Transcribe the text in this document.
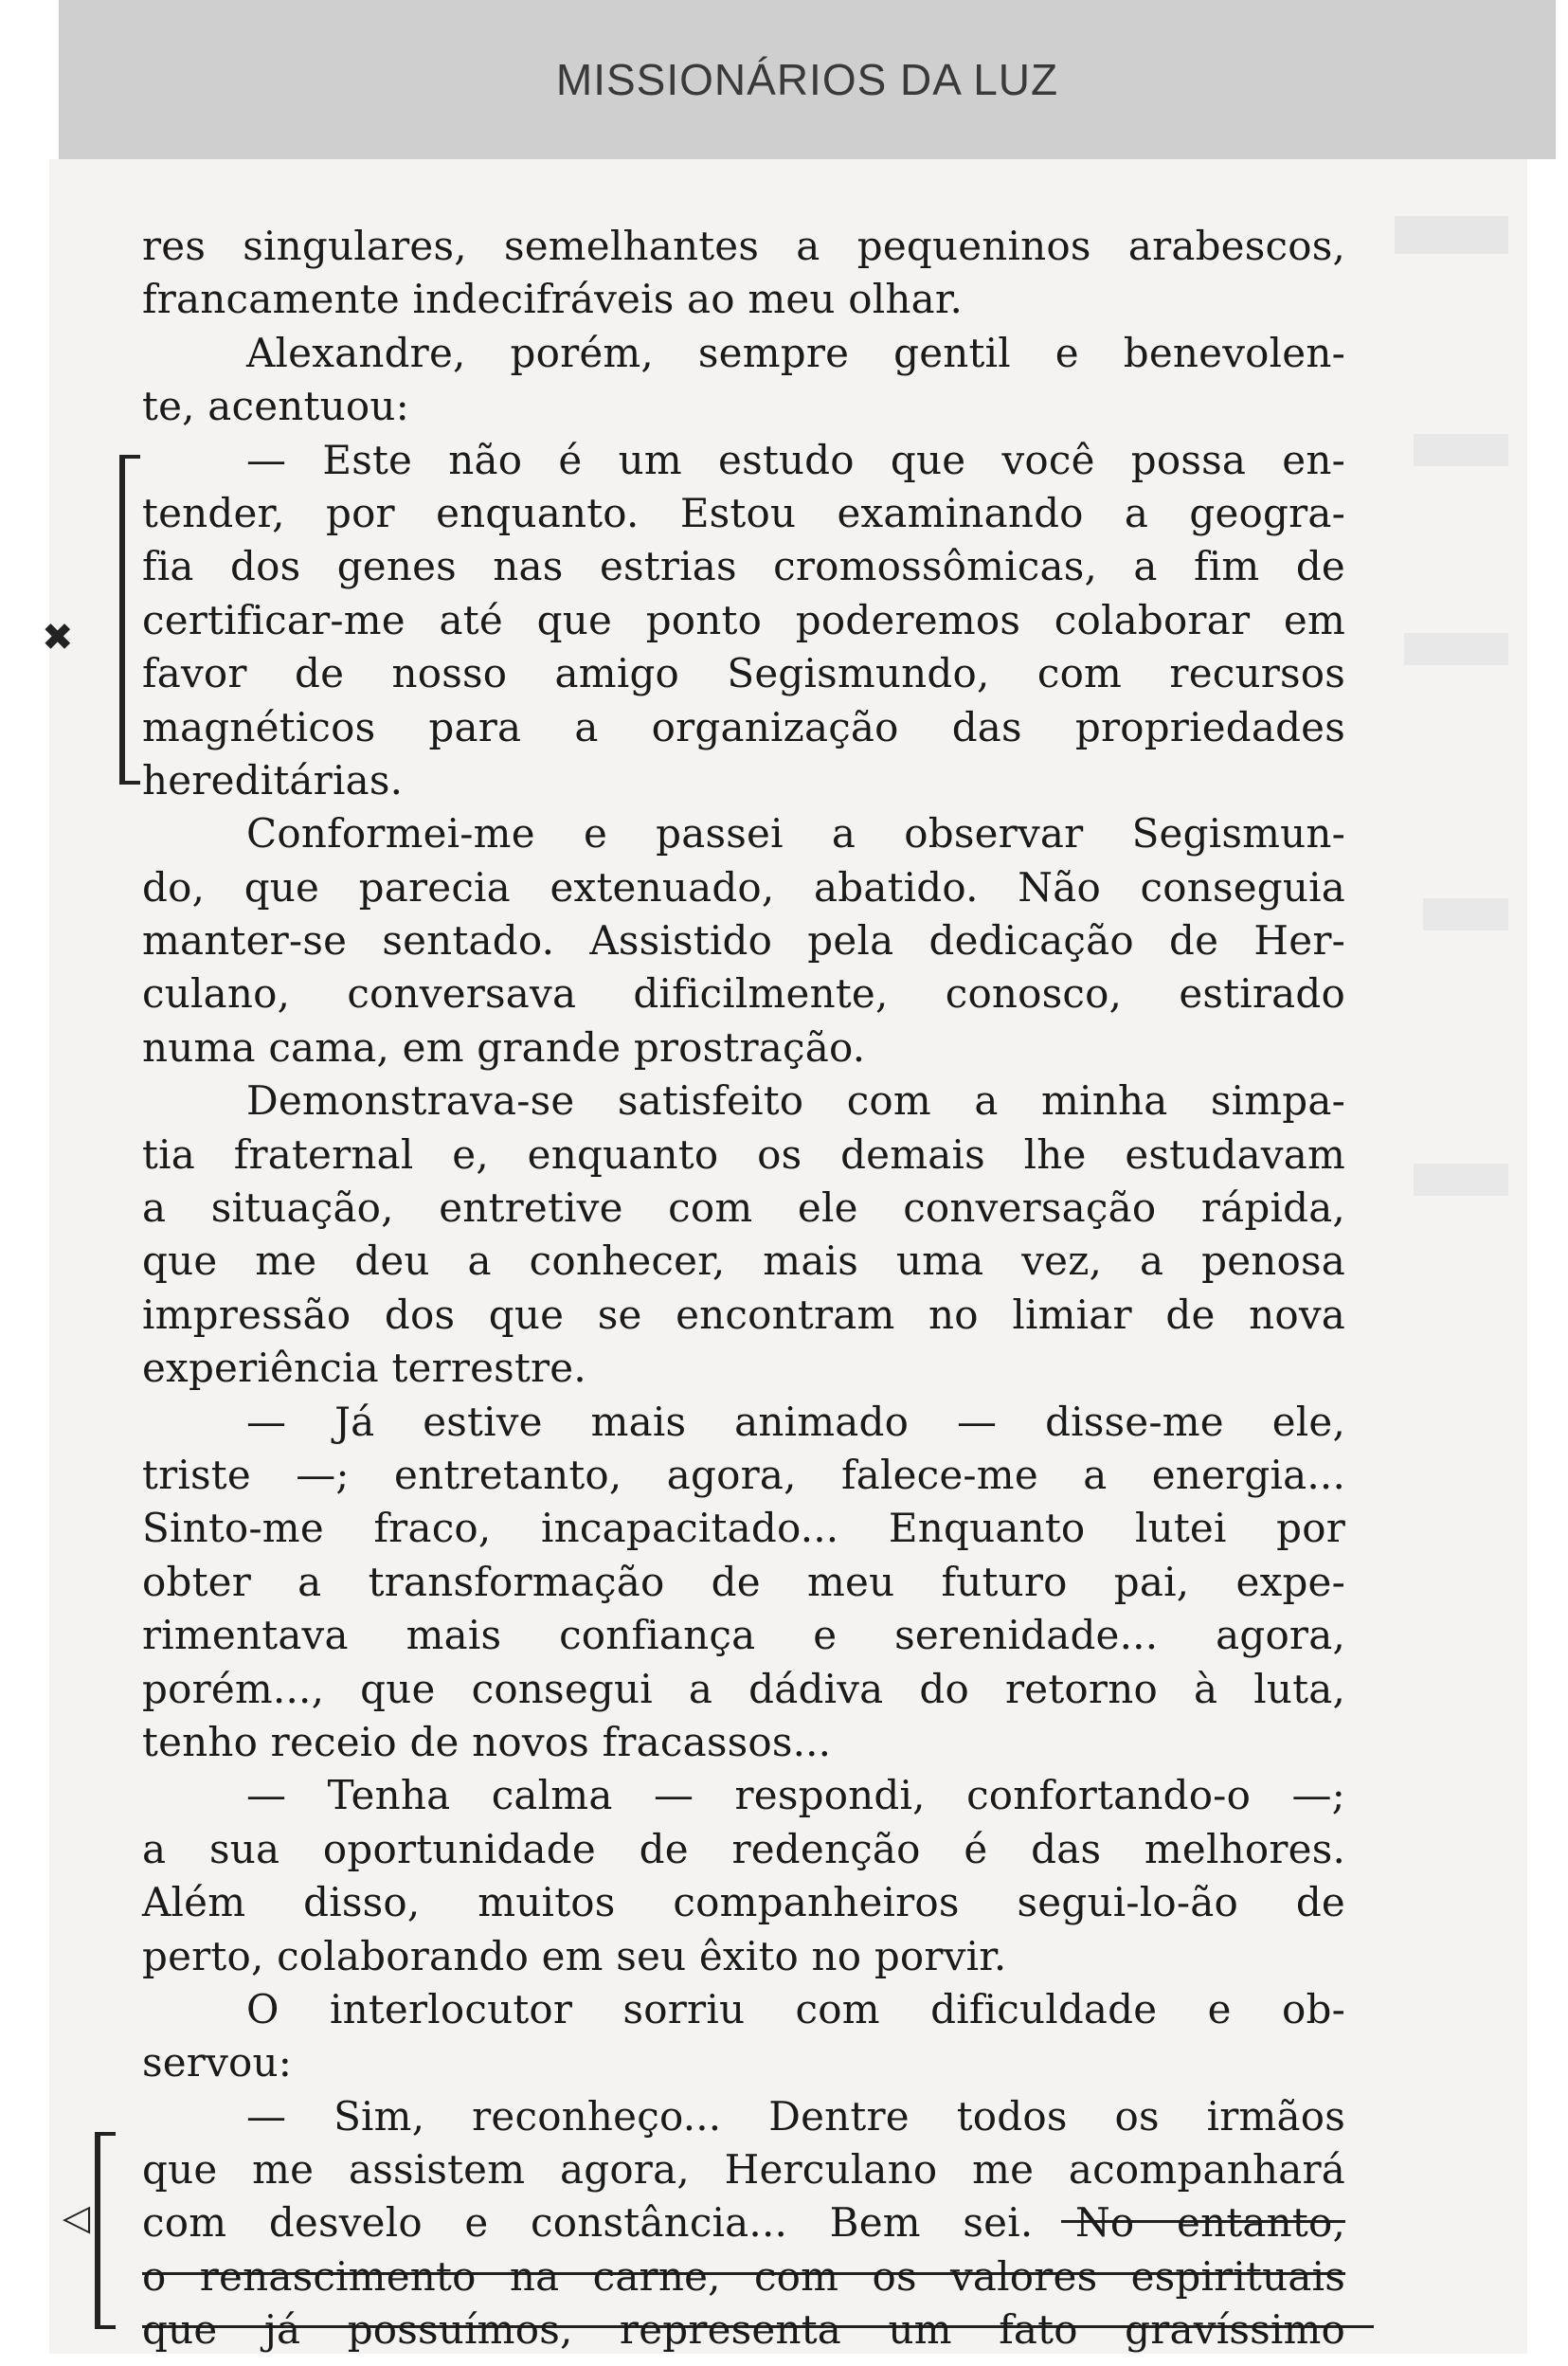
MISSIONÁRIOS DA LUZ
✖
◁
res singulares, semelhantes a pequeninos arabescos,
francamente indecifráveis ao meu olhar.
Alexandre, porém, sempre gentil e benevolen-
te, acentuou:
— Este não é um estudo que você possa en-
tender, por enquanto. Estou examinando a geogra-
fia dos genes nas estrias cromossômicas, a fim de
certificar-me até que ponto poderemos colaborar em
favor de nosso amigo Segismundo, com recursos
magnéticos para a organização das propriedades
hereditárias.
Conformei-me e passei a observar Segismun-
do, que parecia extenuado, abatido. Não conseguia
manter-se sentado. Assistido pela dedicação de Her-
culano, conversava dificilmente, conosco, estirado
numa cama, em grande prostração.
Demonstrava-se satisfeito com a minha simpa-
tia fraternal e, enquanto os demais lhe estudavam
a situação, entretive com ele conversação rápida,
que me deu a conhecer, mais uma vez, a penosa
impressão dos que se encontram no limiar de nova
experiência terrestre.
— Já estive mais animado — disse-me ele,
triste —; entretanto, agora, falece-me a energia...
Sinto-me fraco, incapacitado... Enquanto lutei por
obter a transformação de meu futuro pai, expe-
rimentava mais confiança e serenidade... agora,
porém..., que consegui a dádiva do retorno à luta,
tenho receio de novos fracassos...
— Tenha calma — respondi, confortando-o —;
a sua oportunidade de redenção é das melhores.
Além disso, muitos companheiros segui-lo-ão de
perto, colaborando em seu êxito no porvir.
O interlocutor sorriu com dificuldade e ob-
servou:
— Sim, reconheço... Dentre todos os irmãos
que me assistem agora, Herculano me acompanhará
com desvelo e constância... Bem sei. No entanto,
o renascimento na carne, com os valores espirituais
que já possuímos, representa um fato gravíssimo
